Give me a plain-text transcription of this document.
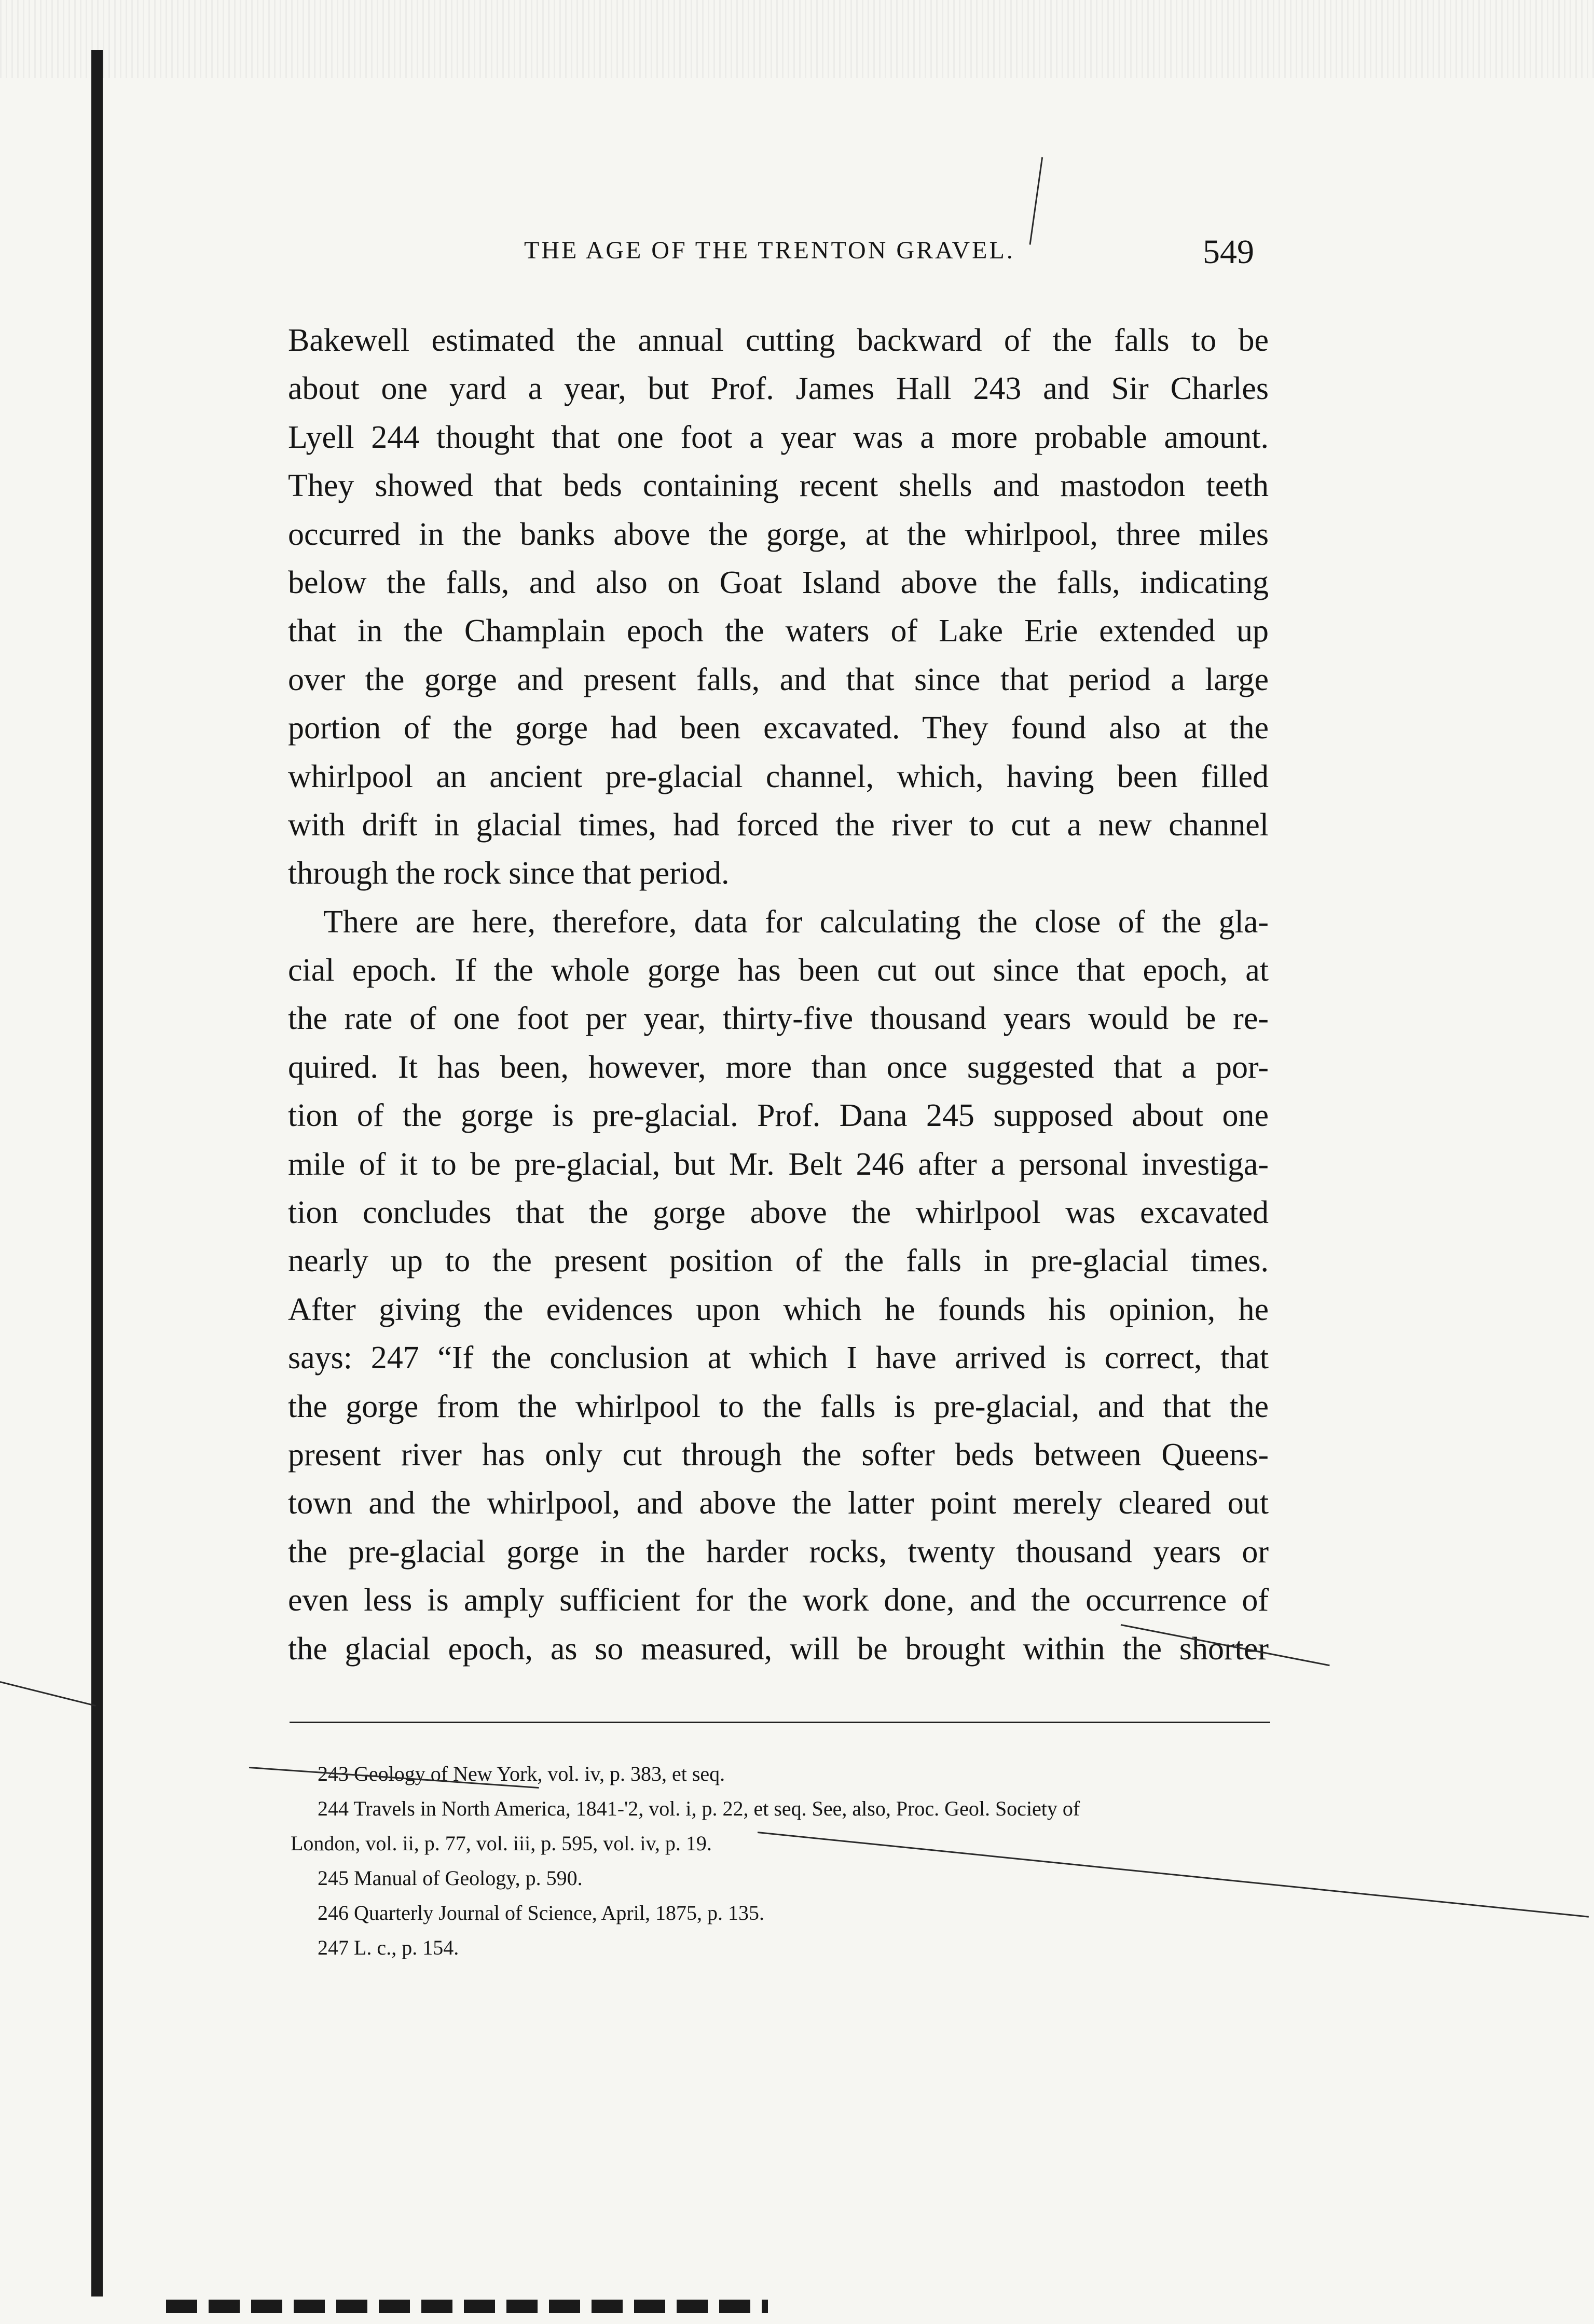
THE AGE OF THE TRENTON GRAVEL.	549
Bakewell estimated the annual cutting backward of the falls to be
about one yard a year, but Prof. James Hall 243 and Sir Charles
Lyell 244 thought that one foot a year was a more probable amount.
They showed that beds containing recent shells and mastodon teeth
occurred in the banks above the gorge, at the whirlpool, three miles
below the falls, and also on Goat Island above the falls, indicating
that in the Champlain epoch the waters of Lake Erie extended up
over the gorge and present falls, and that since that period a large
portion of the gorge had been excavated. They found also at the
whirlpool an ancient pre-glacial channel, which, having been filled
with drift in glacial times, had forced the river to cut a new channel
through the rock since that period.
There are here, therefore, data for calculating the close of the gla-
cial epoch. If the whole gorge has been cut out since that epoch, at
the rate of one foot per year, thirty-five thousand years would be re-
quired. It has been, however, more than once suggested that a por-
tion of the gorge is pre-glacial. Prof. Dana 245 supposed about one
mile of it to be pre-glacial, but Mr. Belt 246 after a personal investiga-
tion concludes that the gorge above the whirlpool was excavated
nearly up to the present position of the falls in pre-glacial times.
After giving the evidences upon which he founds his opinion, he
says: 247 “If the conclusion at which I have arrived is correct, that
the gorge from the whirlpool to the falls is pre-glacial, and that the
present river has only cut through the softer beds between Queens-
town and the whirlpool, and above the latter point merely cleared out
the pre-glacial gorge in the harder rocks, twenty thousand years or
even less is amply sufficient for the work done, and the occurrence of
the glacial epoch, as so measured, will be brought within the shorter
243 Geology of New York, vol. iv, p. 383, et seq.
244 Travels in North America, 1841-'2, vol. i, p. 22, et seq. See, also, Proc. Geol. Society of
London, vol. ii, p. 77, vol. iii, p. 595, vol. iv, p. 19.
245 Manual of Geology, p. 590.
246 Quarterly Journal of Science, April, 1875, p. 135.
247 L. c., p. 154.
